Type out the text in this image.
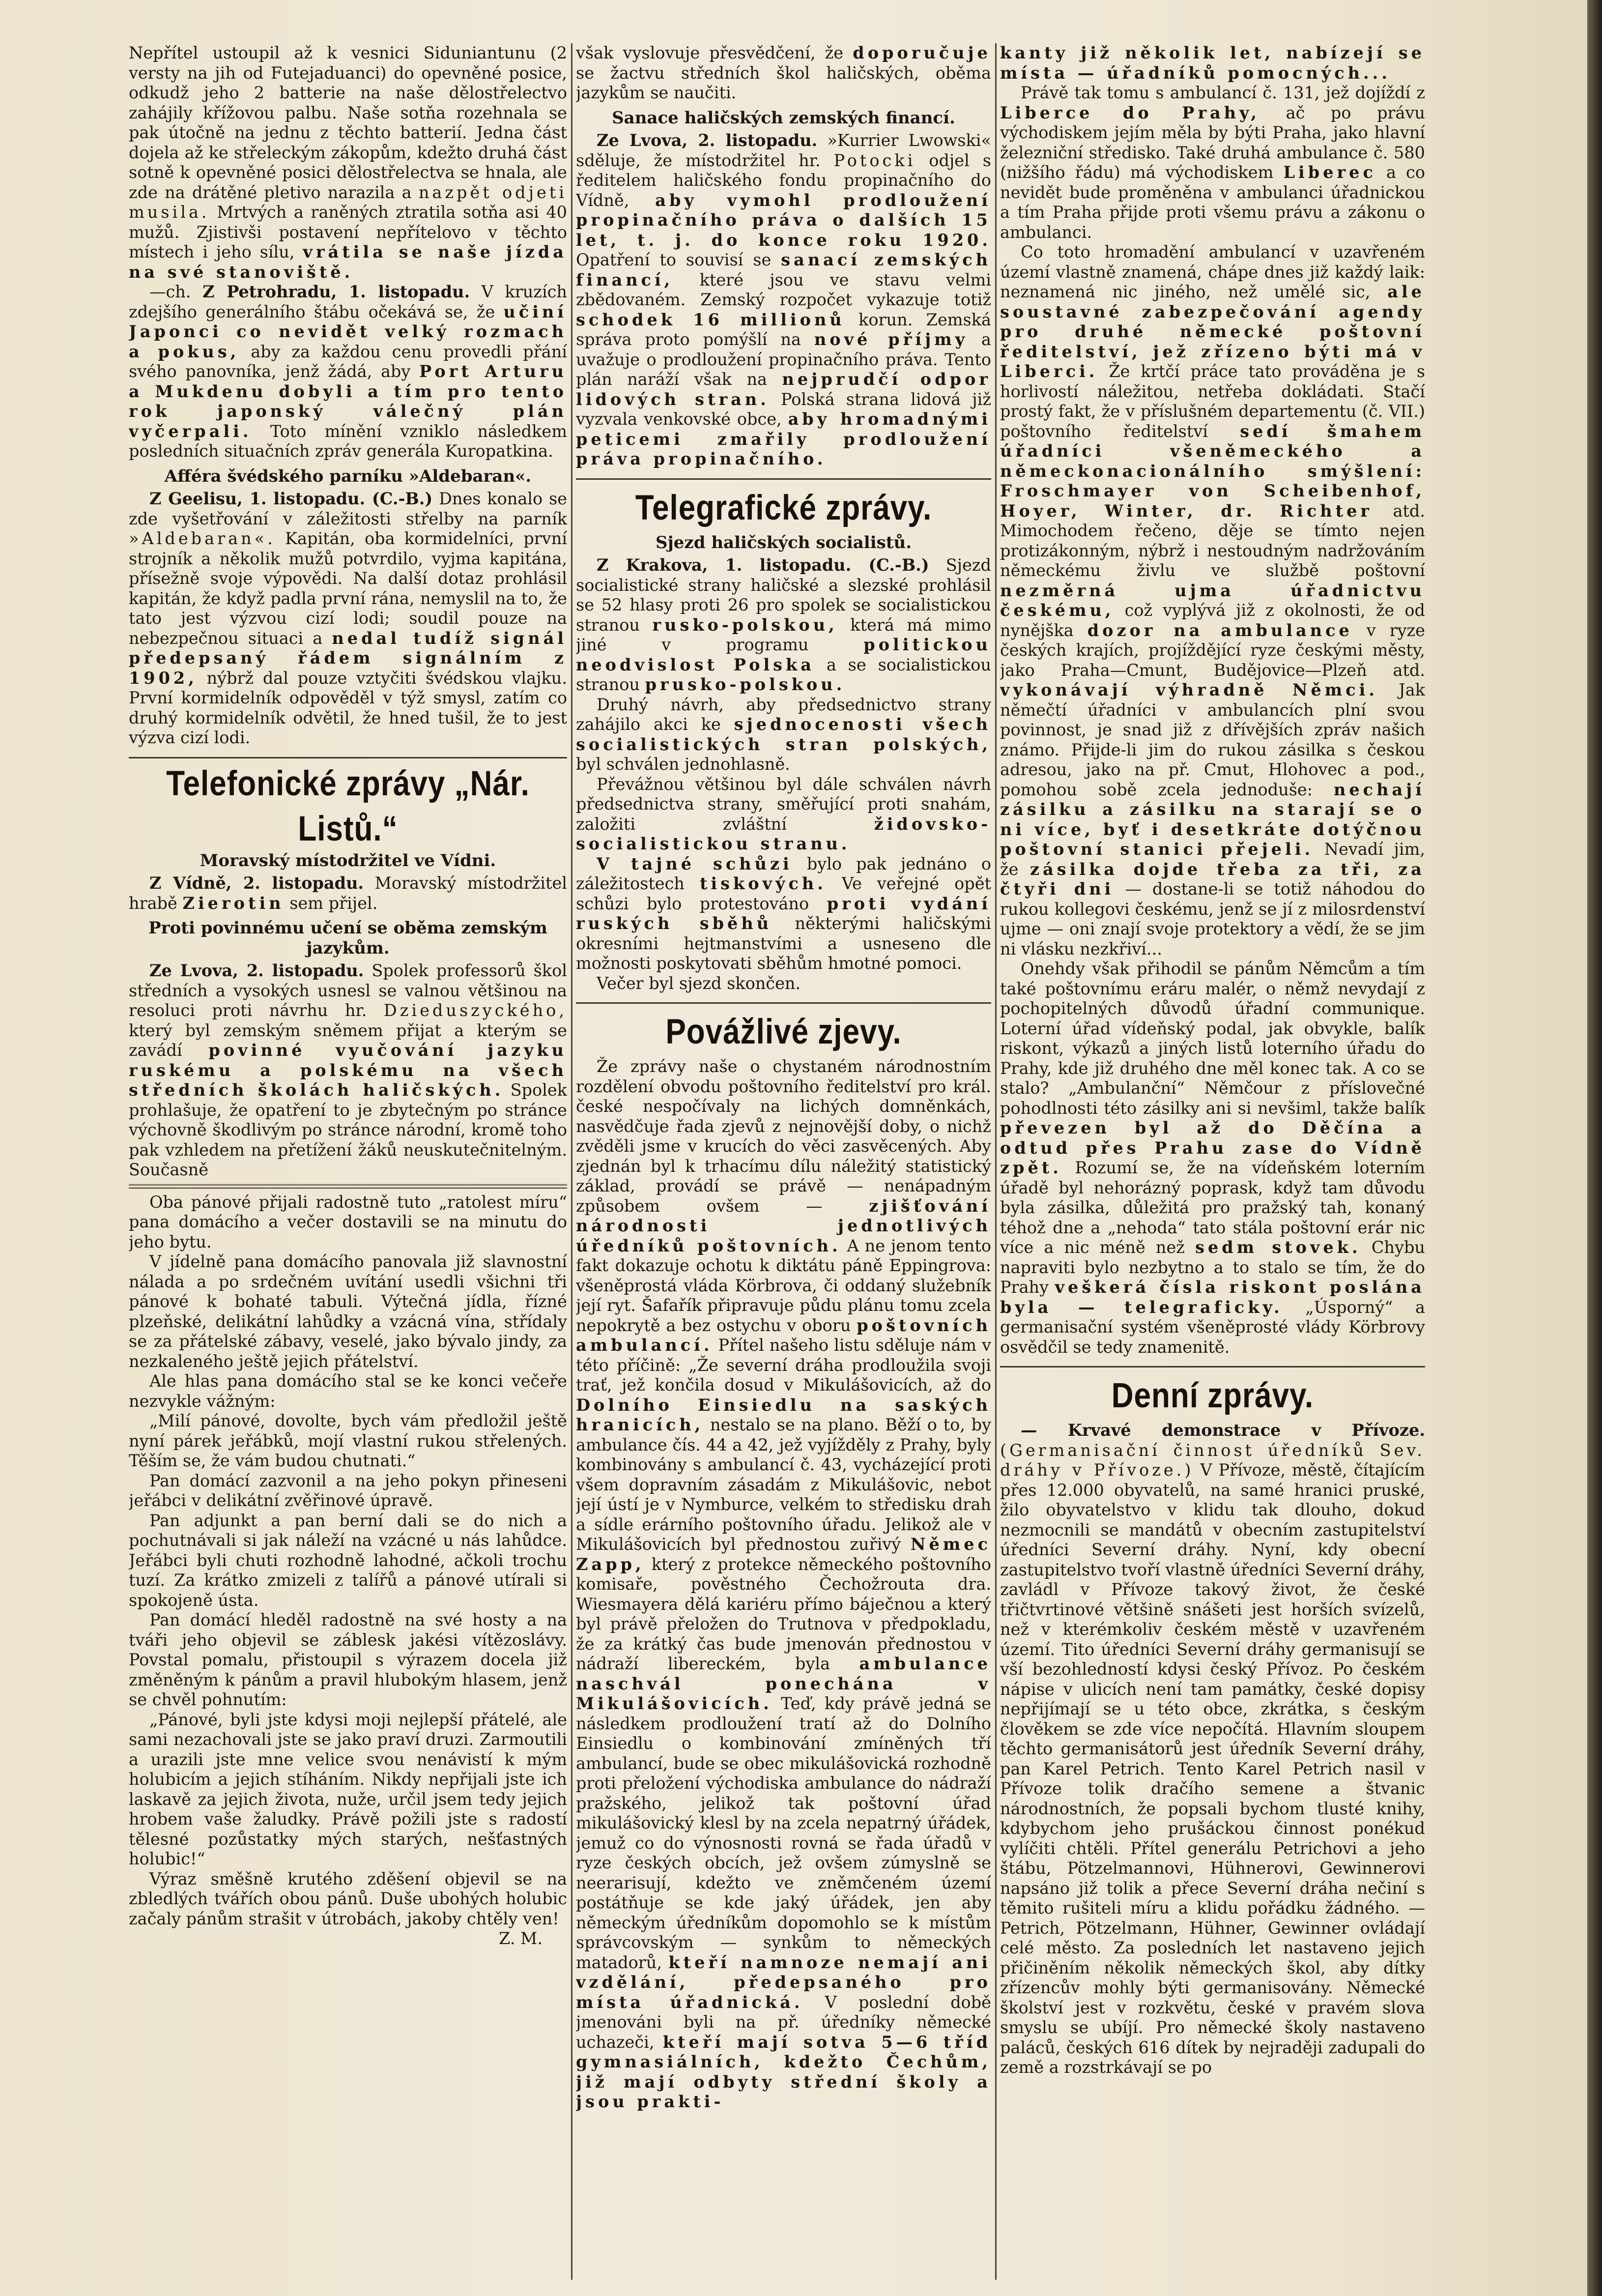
Nepřítel ustoupil až k vesnici Siduniantunu (2 versty na jih od Futejaduanci) do opevněné posice, odkudž jeho 2 batterie na naše dělostřelectvo zahájily křížovou palbu. Naše sotňa rozehnala se pak útočně na jednu z těchto batterií. Jedna část dojela až ke střeleckým zákopům, kdežto druhá část sotně k opevněné posici dělostřelectva se hnala, ale zde na drátěné pletivo narazila a nazpět odjeti musila. Mrtvých a raněných ztratila sotňa asi 40 mužů. Zjistivši postavení nepřítelovo v těchto místech i jeho sílu, vrátila se naše jízda na své stanoviště.

—ch. Z Petrohradu, 1. listopadu. V kruzích zdejšího generálního štábu očekává se, že učiní Japonci co nevidět velký rozmach a pokus, aby za každou cenu provedli přání svého panovníka, jenž žádá, aby Port Arturu a Mukdenu dobyli a tím pro tento rok japonský válečný plán vyčerpali. Toto mínění vzniklo následkem posledních situačních zpráv generála Kuropatkina.

Afféra švédského parníku »Aldebaran«.

Z Geelisu, 1. listopadu. (C.-B.) Dnes konalo se zde vyšetřování v záležitosti střelby na parník »Aldebaran«. Kapitán, oba kormidelníci, první strojník a několik mužů potvrdilo, vyjma kapitána, přísežně svoje výpovědi. Na další dotaz prohlásil kapitán, že když padla první rána, nemyslil na to, že tato jest výzvou cizí lodi; soudil pouze na nebezpečnou situaci a nedal tudíž signál předepsaný řádem signálním z 1902, nýbrž dal pouze vztyčiti švédskou vlajku. První kormidelník odpověděl v týž smysl, zatím co druhý kormidelník odvětil, že hned tušil, že to jest výzva cizí lodi.

Telefonické zprávy „Nár. Listů.“
Moravský místodržitel ve Vídni.

Z Vídně, 2. listopadu. Moravský místodržitel hrabě Zierotin sem přijel.

Proti povinnému učení se oběma zemským jazykům.

Ze Lvova, 2. listopadu. Spolek professorů škol středních a vysokých usnesl se valnou většinou na resoluci proti návrhu hr. Dzieduszyckého, který byl zemským sněmem přijat a kterým se zavádí povinné vyučování jazyku ruskému a polskému na všech středních školách haličských. Spolek prohlašuje, že opatření to je zbytečným po stránce výchovně škodlivým po stránce národní, kromě toho pak vzhledem na přetížení žáků neuskutečnitelným. Současně

Oba pánové přijali radostně tuto „ratolest míru“ pana domácího a večer dostavili se na minutu do jeho bytu.

V jídelně pana domácího panovala již slavnostní nálada a po srdečném uvítání usedli všichni tři pánové k bohaté tabuli. Výtečná jídla, řízné plzeňské, delikátní lahůdky a vzácná vína, střídaly se za přátelské zábavy, veselé, jako bývalo jindy, za nezkaleného ještě jejich přátelství.

Ale hlas pana domácího stal se ke konci večeře nezvykle vážným:

„Milí pánové, dovolte, bych vám předložil ještě nyní párek jeřábků, mojí vlastní rukou střelených. Těším se, že vám budou chutnati.“

Pan domácí zazvonil a na jeho pokyn přineseni jeřábci v delikátní zvěřinové úpravě.

Pan adjunkt a pan berní dali se do nich a pochutnávali si jak náleží na vzácné u nás lahůdce. Jeřábci byli chuti rozhodně lahodné, ačkoli trochu tuzí. Za krátko zmizeli z talířů a pánové utírali si spokojeně ústa.

Pan domácí hleděl radostně na své hosty a na tváři jeho objevil se záblesk jakési vítězoslávy. Povstal pomalu, přistoupil s výrazem docela již změněným k pánům a pravil hlubokým hlasem, jenž se chvěl pohnutím:

„Pánové, byli jste kdysi moji nejlepší přátelé, ale sami nezachovali jste se jako praví druzi. Zarmoutili a urazili jste mne velice svou nenávistí k mým holubicím a jejich stíháním. Nikdy nepřijali jste ich laskavě za jejich života, nuže, určil jsem tedy jejich hrobem vaše žaludky. Právě požili jste s radostí tělesné pozůstatky mých starých, nešťastných holubic!“

Výraz směšně krutého zděšení objevil se na zbledlých tvářích obou pánů. Duše ubohých holubic začaly pánům strašit v útrobách, jakoby chtěly ven!
Z. M.

však vyslovuje přesvědčení, že doporučuje se žactvu středních škol haličských, oběma jazykům se naučiti.

Sanace haličských zemských financí.

Ze Lvova, 2. listopadu. »Kurrier Lwowski« sděluje, že místodržitel hr. Potocki odjel s ředitelem haličského fondu propinačního do Vídně, aby vymohl prodloužení propinačního práva o dalších 15 let, t. j. do konce roku 1920. Opatření to souvisí se sanací zemských financí, které jsou ve stavu velmi zbědovaném. Zemský rozpočet vykazuje totiž schodek 16 millionů korun. Zemská správa proto pomýšlí na nové příjmy a uvažuje o prodloužení propinačního práva. Tento plán naráží však na nejprudčí odpor lidových stran. Polská strana lidová již vyzvala venkovské obce, aby hromadnými peticemi zmařily prodloužení práva propinačního.

Telegrafické zprávy.
Sjezd haličských socialistů.

Z Krakova, 1. listopadu. (C.-B.) Sjezd socialistické strany haličské a slezské prohlásil se 52 hlasy proti 26 pro spolek se socialistickou stranou rusko-polskou, která má mimo jiné v programu	politickou neodvislost Polska a se socialistickou stranou prusko-polskou.

Druhý návrh, aby předsednictvo strany zahájilo akci ke sjednocenosti všech socialistických stran polských, byl schválen jednohlasně.

Převážnou většinou byl dále schválen návrh předsednictva strany, směřující proti snahám, založiti zvláštní	židovsko-socialistickou stranu.

V tajné schůzi bylo pak jednáno o záležitostech tiskových. Ve veřejné opět schůzi bylo protestováno proti vydání ruských sběhů některými haličskými okresními hejtmanstvími a usneseno dle možnosti poskytovati sběhům hmotné pomoci.

Večer byl sjezd skončen.

Povážlivé zjevy.

Že zprávy naše o chystaném národnostním rozdělení obvodu poštovního ředitelství pro král. české nespočívaly na lichých domněnkách, nasvědčuje řada zjevů z nejnovější doby, o nichž zvěděli jsme v krucích do věci zasvěcených. Aby zjednán byl k trhacímu dílu náležitý statistický základ, provádí se právě — nenápadným způsobem ovšem —	zjišťování národnosti jednotlivých úředníků poštovních. A ne jenom tento fakt dokazuje ochotu k diktátu páně Eppingrova: všeněprostá vláda Körbrova, či oddaný služebník její ryt. Šafařík připravuje půdu plánu tomu zcela nepokrytě a bez ostychu v oboru poštovních ambulancí. Přítel našeho listu sděluje nám v této příčině: „Že severní dráha prodloužila svoji trať, jež končila dosud v Mikulášovicích, až do Dolního Einsiedlu na saských hranicích, nestalo se na plano. Běží o to, by ambulance čís. 44 a 42, jež vyjížděly z Prahy, byly kombinovány s ambulancí č. 43, vycházející proti všem dopravním zásadám z Mikulášovic, nebot její ústí je v Nymburce, velkém to středisku drah a sídle erárního poštovního úřadu. Jelikož ale v Mikulášovicích byl přednostou zuřivý Němec Zapp, který z protekce německého poštovního komisaře, pověstného Čechožrouta dra. Wiesmayera dělá kariéru přímo báječnou a který byl právě přeložen do Trutnova v předpokladu, že za krátký čas bude jmenován přednostou v nádraží libereckém, byla ambulance naschvál ponechána v Mikulášovicích. Teď, kdy právě jedná se následkem prodloužení tratí až do Dolního Einsiedlu o kombinování zmíněných tří ambulancí, bude se obec mikulášovická rozhodně proti přeložení východiska ambulance do nádraží pražského, jelikož tak poštovní úřad mikulášovický klesl by na zcela nepatrný úřádek, jemuž co do výnosnosti rovná se řada úřadů v ryze českých obcích, jež ovšem zúmyslně se neerarisují, kdežto ve zněmčeném území postátňuje se kde jaký úřádek, jen aby německým úředníkům dopomohlo se k místům správcovským — synkům to německých matadorů, kteří namnoze nemají ani vzdělání, předepsaného pro místa úřadnická. V poslední době jmenováni byli na př. úředníky německé uchazeči, kteří mají sotva 5—6 tříd gymnasiálních, kdežto Čechům, již mají odbyty střední školy a jsou prakti-

kanty již několik let, nabízejí se místa — úřadníků pomocných...

Právě tak tomu s ambulancí č. 131, jež dojíždí z Liberce do Prahy, ač po právu východiskem jejím měla by býti Praha, jako hlavní železniční středisko. Také druhá ambulance č. 580 (nižšího řádu) má východiskem Liberec a co nevidět bude proměněna v ambulanci úřadnickou a tím Praha přijde proti všemu právu a zákonu o ambulanci.

Co toto hromadění ambulancí v uzavřeném území vlastně znamená, chápe dnes již každý laik: neznamená nic jiného, než umělé sic, ale soustavné zabezpečování agendy pro druhé německé poštovní ředitelství, jež zřízeno býti má v Liberci. Že krtčí práce tato prováděna je s horlivostí náležitou, netřeba dokládati. Stačí prostý fakt, že v příslušném departementu (č. VII.) poštovního ředitelství sedí šmahem úřadníci všeněmeckého a německonacionálního smýšlení: Froschmayer von Scheibenhof, Hoyer, Winter, dr. Richter atd. Mimochodem řečeno, děje se tímto nejen protizákonným, nýbrž i nestoudným nadržováním německému živlu ve službě poštovní nezměrná ujma úřadnictvu českému, což vyplývá již z okolnosti, že od nynějška dozor na ambulance v ryze českých krajích, projíždějící ryze českými městy, jako Praha—Cmunt, Budějovice—Plzeň atd. vykonávají výhradně Němci. Jak němečtí úřadníci v ambulancích plní svou povinnost, je snad již z dřívějších zpráv našich známo. Přijde-li jim do rukou zásilka s českou adresou, jako na př. Cmut, Hlohovec a pod., pomohou sobě zcela jednoduše: nechají zásilku a zásilku na starají se o ni více, byť i desetkráte dotýčnou poštovní stanici přejeli. Nevadí jim, že zásilka dojde třeba za tři, za čtyři dni — dostane-li se totiž náhodou do rukou kollegovi českému, jenž se jí z milosrdenství ujme — oni znají svoje protektory a vědí, že se jim ni vlásku nezkřiví...

Onehdy však přihodil se pánům Němcům a tím také poštovnímu eráru malér, o němž nevydají z pochopitelných důvodů úřadní communique. Loterní úřad vídeňský podal, jak obvykle, balík riskont, výkazů a jiných listů loterního úřadu do Prahy, kde již druhého dne měl konec tak. A co se stalo? „Ambulanční“ Němčour z příslovečné pohodlnosti této zásilky ani si nevšiml, takže balík převezen byl až do Děčína a odtud přes Prahu zase do Vídně zpět. Rozumí se, že na vídeňském loterním úřadě byl nehorázný poprask, když tam důvodu byla zásilka, důležitá pro pražský tah, konaný téhož dne a „nehoda“ tato stála poštovní erár nic více a nic méně než sedm stovek. Chybu napraviti bylo nezbytno a to stalo se tím, že do Prahy veškerá čísla riskont poslána byla — telegraficky. „Úsporný“ a germanisační systém všeněprosté vlády Körbrovy osvědčil se tedy znamenitě.

Denní zprávy.

— Krvavé demonstrace v Přívoze. (Germanisační činnost úředníků Sev. dráhy v Přívoze.) V Přívoze, městě, čítajícím přes 12.000 obyvatelů, na samé hranici pruské, žilo obyvatelstvo v klidu tak dlouho, dokud nezmocnili se mandátů v obecním zastupitelství úředníci Severní dráhy. Nyní, kdy obecní zastupitelstvo tvoří vlastně úředníci Severní dráhy, zavládl v Přívoze takový život, že české třičtvrtinové většině snášeti jest horších svízelů, než v kterémkoliv českém městě v uzavřeném území. Tito úředníci Severní dráhy germanisují se vší bezohledností kdysi český Přívoz. Po českém nápise v ulicích není tam památky, české dopisy nepřijímají se u této obce, zkrátka, s českým člověkem se zde více nepočítá. Hlavním sloupem těchto germanisátorů jest úředník Severní dráhy, pan Karel Petrich. Tento Karel Petrich nasil v Přívoze tolik dračího semene a štvanic národnostních, že popsali bychom tlusté knihy, kdybychom jeho prušáckou činnost ponékud vylíčiti chtěli. Přítel generálu Petrichovi a jeho štábu, Pötzelmannovi, Hühnerovi, Gewinnerovi napsáno již tolik a přece Severní dráha nečiní s těmito rušiteli míru a klidu pořádku žádného. — Petrich, Pötzelmann, Hühner, Gewinner ovládají celé město. Za posledních let nastaveno jejich přičiněním několik německých škol, aby dítky zřízencův mohly býti germanisovány. Německé školství jest v rozkvětu, české v pravém slova smyslu se ubíjí. Pro německé školy nastaveno paláců, českých 616 dítek by nejraději zadupali do země a rozstrkávají se po
